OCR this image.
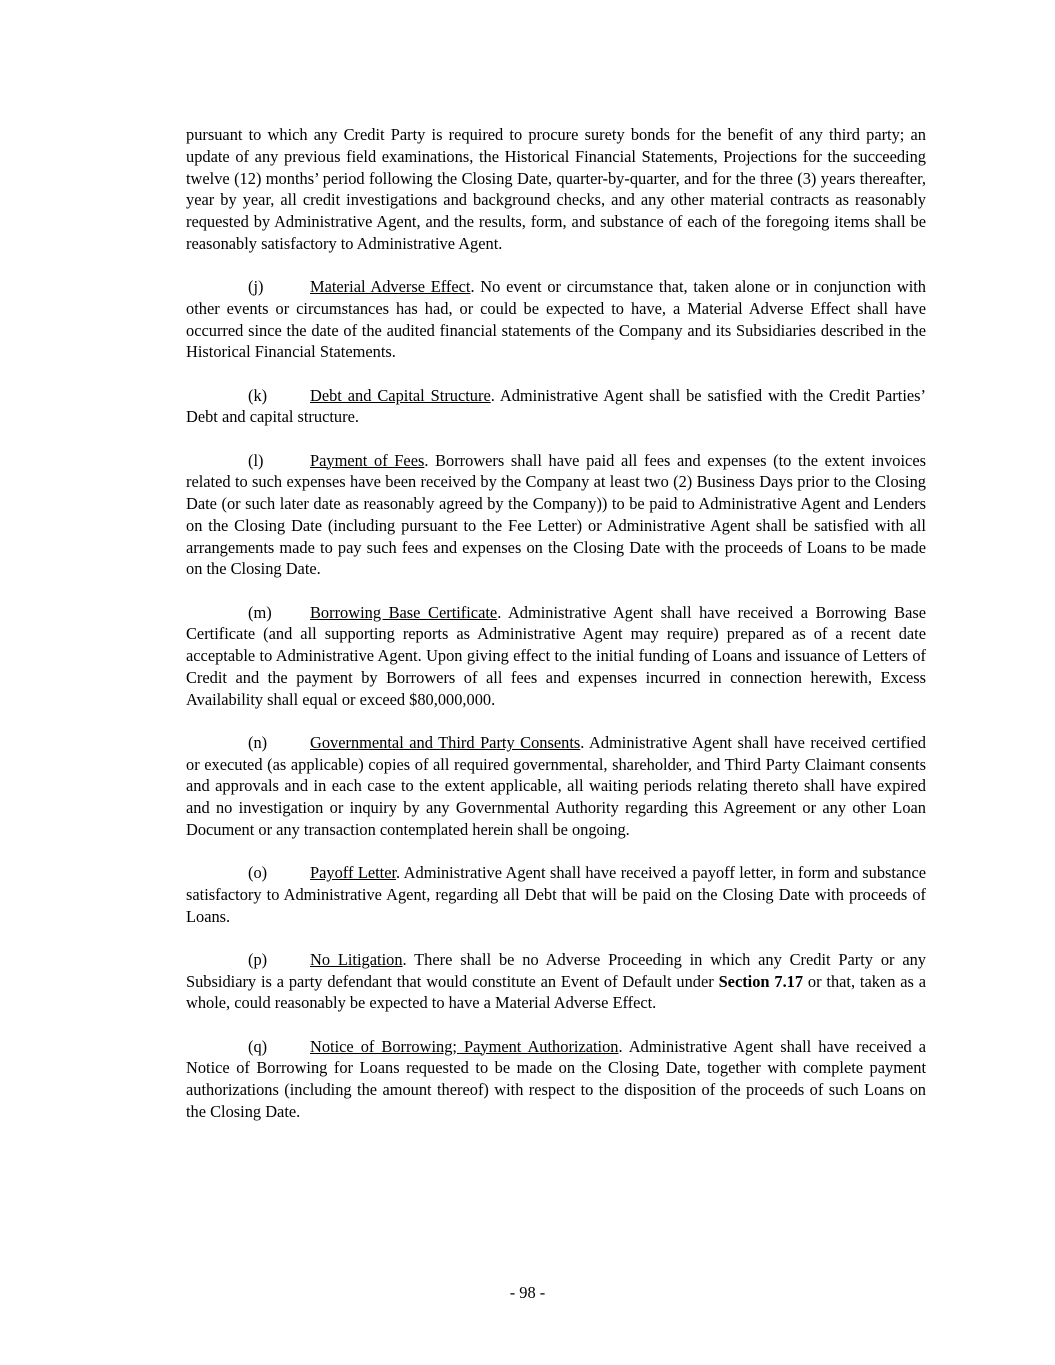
pursuant to which any Credit Party is required to procure surety bonds for the benefit of any third party; an update of any previous field examinations, the Historical Financial Statements, Projections for the succeeding twelve (12) months’ period following the Closing Date, quarter-by-quarter, and for the three (3) years thereafter, year by year, all credit investigations and background checks, and any other material contracts as reasonably requested by Administrative Agent, and the results, form, and substance of each of the foregoing items shall be reasonably satisfactory to Administrative Agent.

(j)	Material Adverse Effect. No event or circumstance that, taken alone or in conjunction with other events or circumstances has had, or could be expected to have, a Material Adverse Effect shall have occurred since the date of the audited financial statements of the Company and its Subsidiaries described in the Historical Financial Statements.

(k)	Debt and Capital Structure. Administrative Agent shall be satisfied with the Credit Parties’ Debt and capital structure.

(l)	Payment of Fees. Borrowers shall have paid all fees and expenses (to the extent invoices related to such expenses have been received by the Company at least two (2) Business Days prior to the Closing Date (or such later date as reasonably agreed by the Company)) to be paid to Administrative Agent and Lenders on the Closing Date (including pursuant to the Fee Letter) or Administrative Agent shall be satisfied with all arrangements made to pay such fees and expenses on the Closing Date with the proceeds of Loans to be made on the Closing Date.

(m) Borrowing Base Certificate. Administrative Agent shall have received a Borrowing Base Certificate (and all supporting reports as Administrative Agent may require) prepared as of a recent date acceptable to Administrative Agent. Upon giving effect to the initial funding of Loans and issuance of Letters of Credit and the payment by Borrowers of all fees and expenses incurred in connection herewith, Excess Availability shall equal or exceed $80,000,000.

(n)	Governmental and Third Party Consents. Administrative Agent shall have received certified or executed (as applicable) copies of all required governmental, shareholder, and Third Party Claimant consents and approvals and in each case to the extent applicable, all waiting periods relating thereto shall have expired and no investigation or inquiry by any Governmental Authority regarding this Agreement or any other Loan Document or any transaction contemplated herein shall be ongoing.

(o)	Payoff Letter. Administrative Agent shall have received a payoff letter, in form and substance satisfactory to Administrative Agent, regarding all Debt that will be paid on the Closing Date with proceeds of Loans.

(p)	No Litigation. There shall be no Adverse Proceeding in which any Credit Party or any Subsidiary is a party defendant that would constitute an Event of Default under Section 7.17 or that, taken as a whole, could reasonably be expected to have a Material Adverse Effect.

(q)	Notice of Borrowing; Payment Authorization. Administrative Agent shall have received a Notice of Borrowing for Loans requested to be made on the Closing Date, together with complete payment authorizations (including the amount thereof) with respect to the disposition of the proceeds of such Loans on the Closing Date.

- 98 -
